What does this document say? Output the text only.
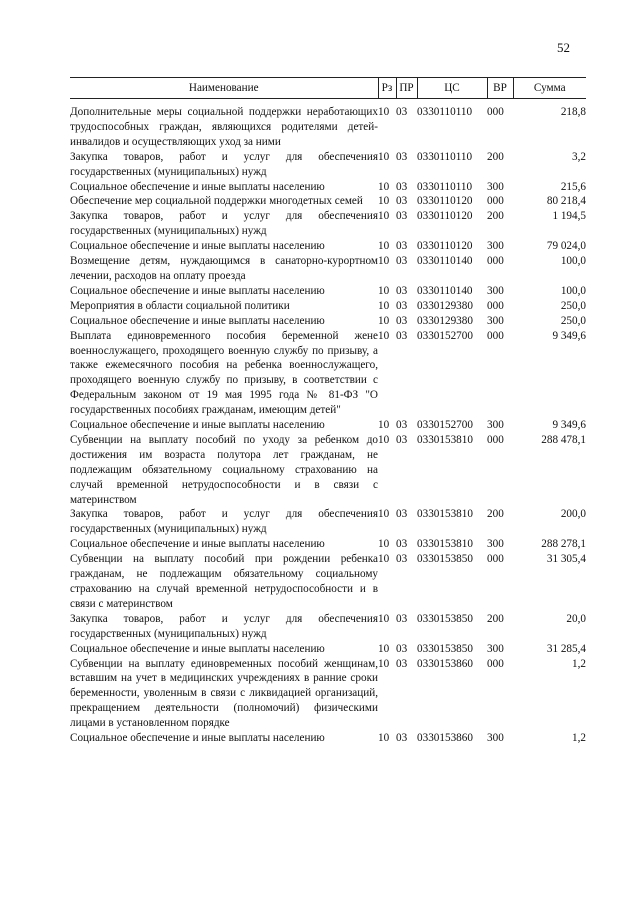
52
Наименование	Рз	ПР	ЦС	ВР	Сумма

Дополнительные меры социальной поддержки неработающих трудоспособных граждан, являющихся родителями детей-инвалидов и осуществляющих уход за ними	10	03	0330110110	000	218,8
Закупка товаров, работ и услуг для обеспечения государственных (муниципальных) нужд	10	03	0330110110	200	3,2
Социальное обеспечение и иные выплаты населению	10	03	0330110110	300	215,6
Обеспечение мер социальной поддержки многодетных семей	10	03	0330110120	000	80 218,4
Закупка товаров, работ и услуг для обеспечения государственных (муниципальных) нужд	10	03	0330110120	200	1 194,5
Социальное обеспечение и иные выплаты населению	10	03	0330110120	300	79 024,0
Возмещение детям, нуждающимся в санаторно-курортном лечении, расходов на оплату проезда	10	03	0330110140	000	100,0
Социальное обеспечение и иные выплаты населению	10	03	0330110140	300	100,0
Мероприятия в области социальной политики	10	03	0330129380	000	250,0
Социальное обеспечение и иные выплаты населению	10	03	0330129380	300	250,0
Выплата единовременного пособия беременной жене военнослужащего, проходящего военную службу по призыву, а также ежемесячного пособия на ребенка военнослужащего, проходящего военную службу по призыву, в соответствии с Федеральным законом от 19 мая 1995 года № 81-ФЗ "О государственных пособиях гражданам, имеющим детей"	10	03	0330152700	000	9 349,6
Социальное обеспечение и иные выплаты населению	10	03	0330152700	300	9 349,6
Субвенции на выплату пособий по уходу за ребенком до достижения им возраста полутора лет гражданам, не подлежащим обязательному социальному страхованию на случай временной нетрудоспособности и в связи с материнством	10	03	0330153810	000	288 478,1
Закупка товаров, работ и услуг для обеспечения государственных (муниципальных) нужд	10	03	0330153810	200	200,0
Социальное обеспечение и иные выплаты населению	10	03	0330153810	300	288 278,1
Субвенции на выплату пособий при рождении ребенка гражданам, не подлежащим обязательному социальному страхованию на случай временной нетрудоспособности и в связи с материнством	10	03	0330153850	000	31 305,4
Закупка товаров, работ и услуг для обеспечения государственных (муниципальных) нужд	10	03	0330153850	200	20,0
Социальное обеспечение и иные выплаты населению	10	03	0330153850	300	31 285,4
Субвенции на выплату единовременных пособий женщинам, вставшим на учет в медицинских учреждениях в ранние сроки беременности, уволенным в связи с ликвидацией организаций, прекращением деятельности (полномочий) физическими лицами в установленном порядке	10	03	0330153860	000	1,2
Социальное обеспечение и иные выплаты населению	10	03	0330153860	300	1,2
